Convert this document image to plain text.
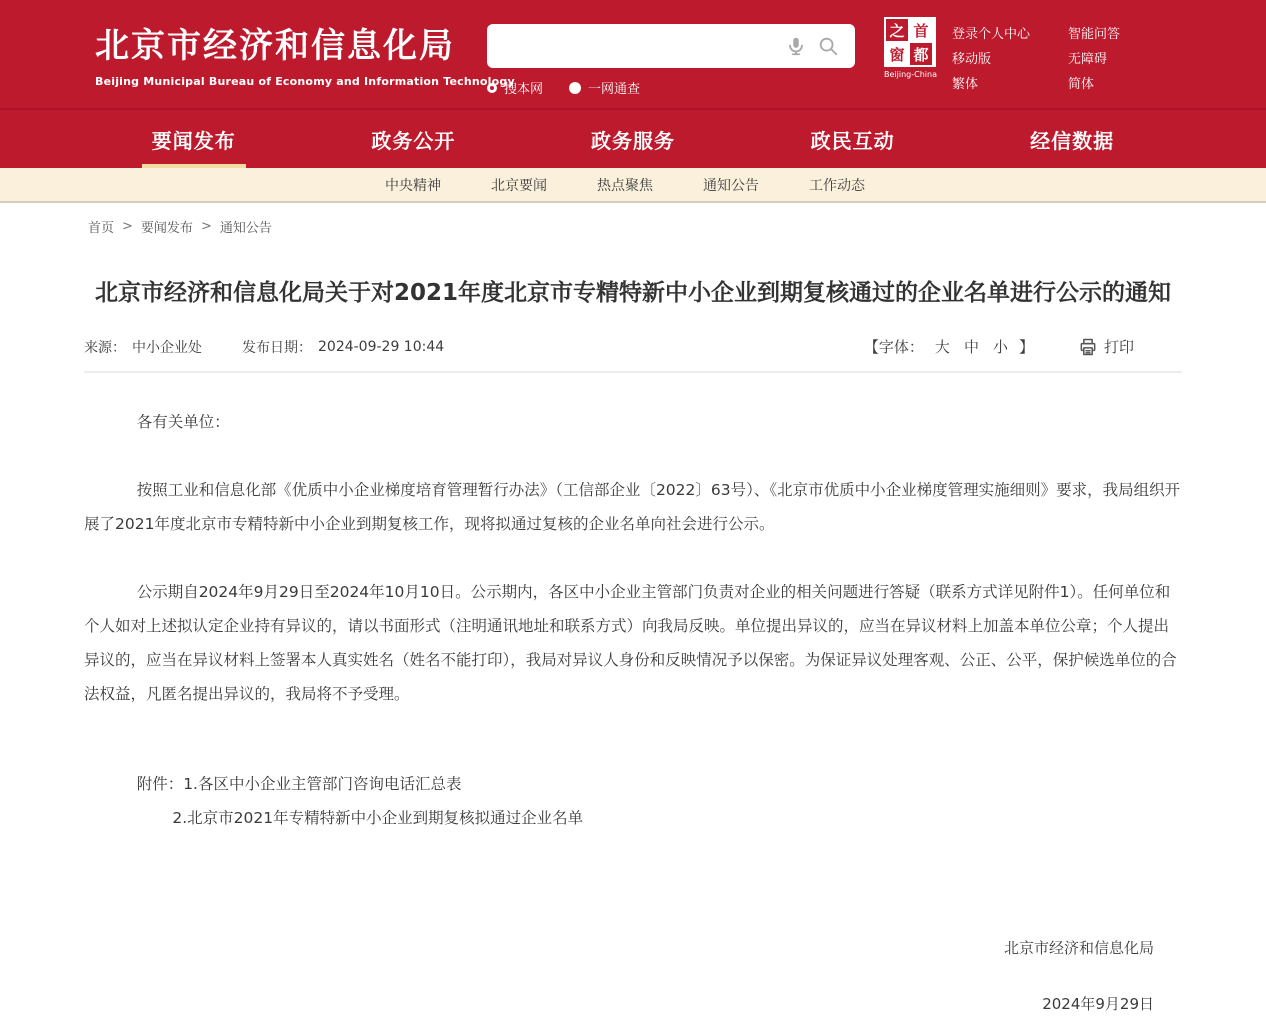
北京市经济和信息化局
Beijing Municipal Bureau of Economy and Information Technology
搜本网	一网通查
之 首
窗 都
Beijing-China
登录个人中心
移动版
繁体
智能问答
无障碍
简体
要闻发布	政务公开	政务服务	政民互动	经信数据
中央精神	北京要闻	热点聚焦	通知公告	工作动态
首页 > 要闻发布 > 通知公告
北京市经济和信息化局关于对2021年度北京市专精特新中小企业到期复核通过的企业名单进行公示的通知
来源： 中小企业处	发布日期： 2024-09-29 10:44	【字体： 大 中 小 】	打印

各有关单位：

按照工业和信息化部《优质中小企业梯度培育管理暂行办法》（工信部企业〔2022〕63号）、《北京市优质中小企业梯度管理实施细则》要求，我局组织开展了2021年度北京市专精特新中小企业到期复核工作，现将拟通过复核的企业名单向社会进行公示。

公示期自2024年9月29日至2024年10月10日。公示期内，各区中小企业主管部门负责对企业的相关问题进行答疑（联系方式详见附件1）。任何单位和个人如对上述拟认定企业持有异议的，请以书面形式（注明通讯地址和联系方式）向我局反映。单位提出异议的，应当在异议材料上加盖本单位公章；个人提出异议的，应当在异议材料上签署本人真实姓名（姓名不能打印），我局对异议人身份和反映情况予以保密。为保证异议处理客观、公正、公平，保护候选单位的合法权益，凡匿名提出异议的，我局将不予受理。

附件：1.各区中小企业主管部门咨询电话汇总表

2.北京市2021年专精特新中小企业到期复核拟通过企业名单

北京市经济和信息化局

2024年9月29日
